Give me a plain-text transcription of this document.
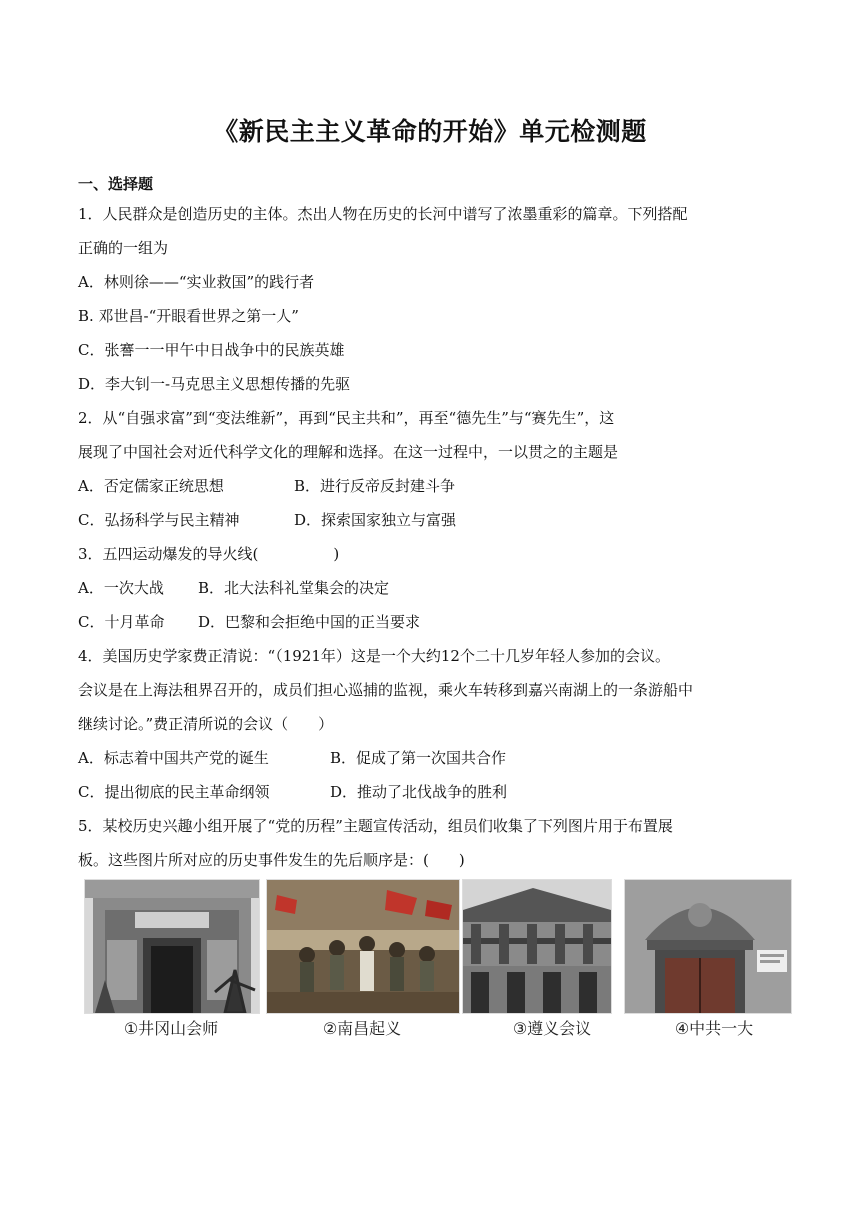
《新民主主义革命的开始》单元检测题
一、选择题
1．人民群众是创造历史的主体。杰出人物在历史的长河中谱写了浓墨重彩的篇章。下列搭配
正确的一组为
A．林则徐——“实业救国”的践行者
B. 邓世昌-“开眼看世界之第一人”
C．张謇一一甲午中日战争中的民族英雄
D．李大钊一-马克思主义思想传播的先驱
2．从“自强求富”到“变法维新”，再到“民主共和”，再至“德先生”与“赛先生”，这
展现了中国社会对近代科学文化的理解和选择。在这一过程中，一以贯之的主题是
A．否定儒家正统思想	B．进行反帝反封建斗争
C．弘扬科学与民主精神	D．探索国家独立与富强
3．五四运动爆发的导火线(　　　　　)
A．一次大战 B．北大法科礼堂集会的决定
C．十月革命 D．巴黎和会拒绝中国的正当要求
4．美国历史学家费正清说：“（1921年）这是一个大约12个二十几岁年轻人参加的会议。
会议是在上海法租界召开的，成员们担心巡捕的监视，乘火车转移到嘉兴南湖上的一条游船中
继续讨论。”费正清所说的会议（　　）
A．标志着中国共产党的诞生	B．促成了第一次国共合作
C．提出彻底的民主革命纲领	D．推动了北伐战争的胜利
5．某校历史兴趣小组开展了“党的历程”主题宣传活动，组员们收集了下列图片用于布置展
板。这些图片所对应的历史事件发生的先后顺序是：(　　)
①井冈山会师	②南昌起义	③遵义会议	④中共一大
